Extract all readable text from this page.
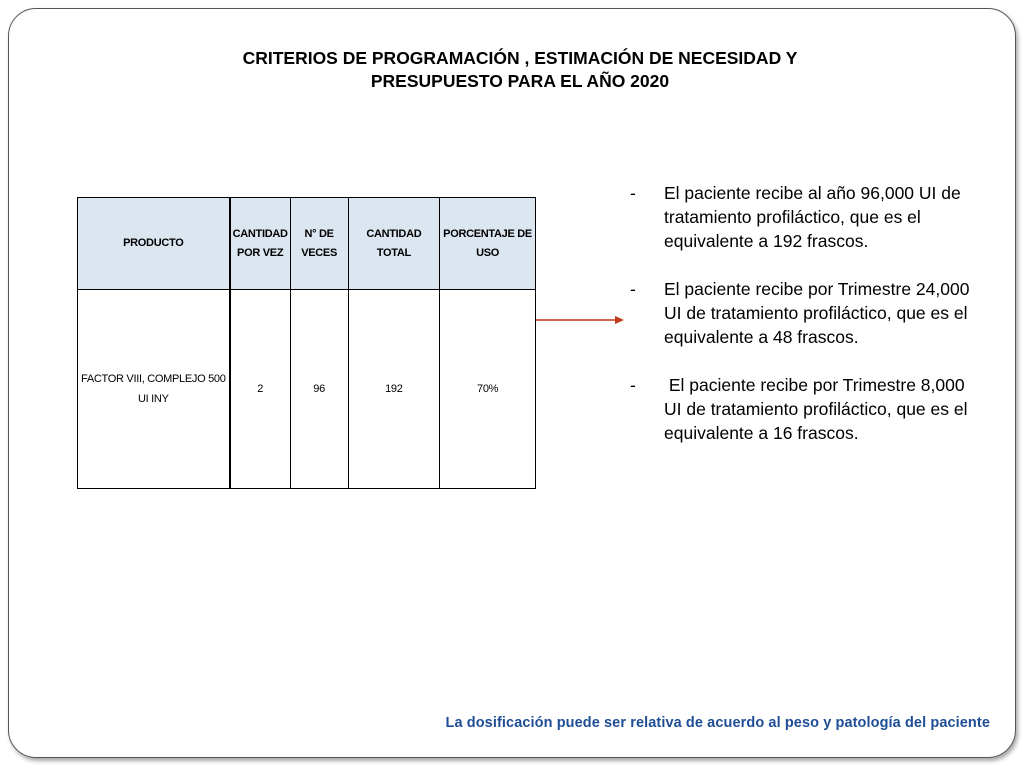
CRITERIOS DE PROGRAMACIÓN , ESTIMACIÓN DE NECESIDAD Y
PRESUPUESTO PARA EL AÑO 2020
PRODUCTO	CANTIDAD POR VEZ	N° DE VECES	CANTIDAD TOTAL	PORCENTAJE DE USO
FACTOR VIII, COMPLEJO 500 UI INY	2	96	192	70%
- El paciente recibe al año 96,000 UI de tratamiento profiláctico, que es el equivalente a 192 frascos.
- El paciente recibe por Trimestre 24,000 UI de tratamiento profiláctico, que es el equivalente a 48 frascos.
- El paciente recibe por Trimestre 8,000 UI de tratamiento profiláctico, que es el equivalente a 16 frascos.
La dosificación puede ser relativa de acuerdo al peso y patología del paciente
